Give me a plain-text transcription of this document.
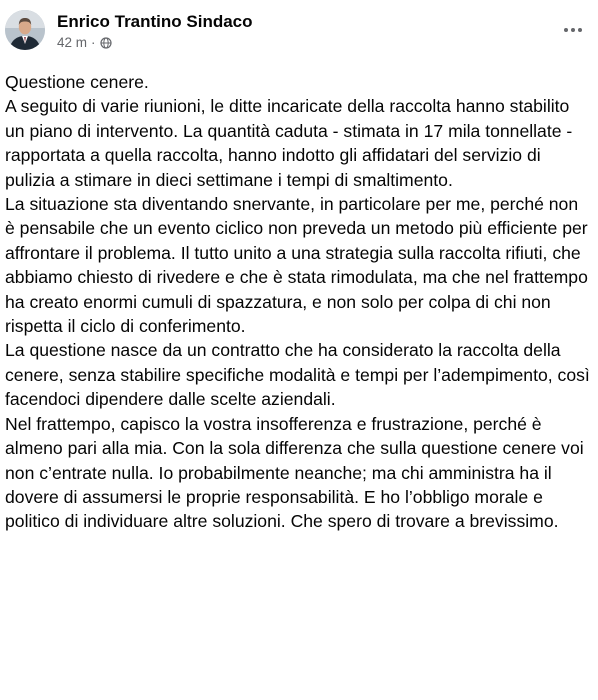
Enrico Trantino Sindaco
42 m ·
Questione cenere.
A seguito di varie riunioni, le ditte incaricate della raccolta hanno stabilito un piano di intervento. La quantità caduta - stimata in 17 mila tonnellate - rapportata a quella raccolta, hanno indotto gli affidatari del servizio di pulizia a stimare in dieci settimane i tempi di smaltimento.
La situazione sta diventando snervante, in particolare per me, perché non è pensabile che un evento ciclico non preveda un metodo più efficiente per affrontare il problema. Il tutto unito a una strategia sulla raccolta rifiuti, che abbiamo chiesto di rivedere e che è stata rimodulata, ma che nel frattempo ha creato enormi cumuli di spazzatura, e non solo per colpa di chi non rispetta il ciclo di conferimento.
La questione nasce da un contratto che ha considerato la raccolta della cenere, senza stabilire specifiche modalità e tempi per l’adempimento, così facendoci dipendere dalle scelte aziendali.
Nel frattempo, capisco la vostra insofferenza e frustrazione, perché è almeno pari alla mia. Con la sola differenza che sulla questione cenere voi non c’entrate nulla. Io probabilmente neanche; ma chi amministra ha il dovere di assumersi le proprie responsabilità. E ho l’obbligo morale e politico di individuare altre soluzioni. Che spero di trovare a brevissimo.
